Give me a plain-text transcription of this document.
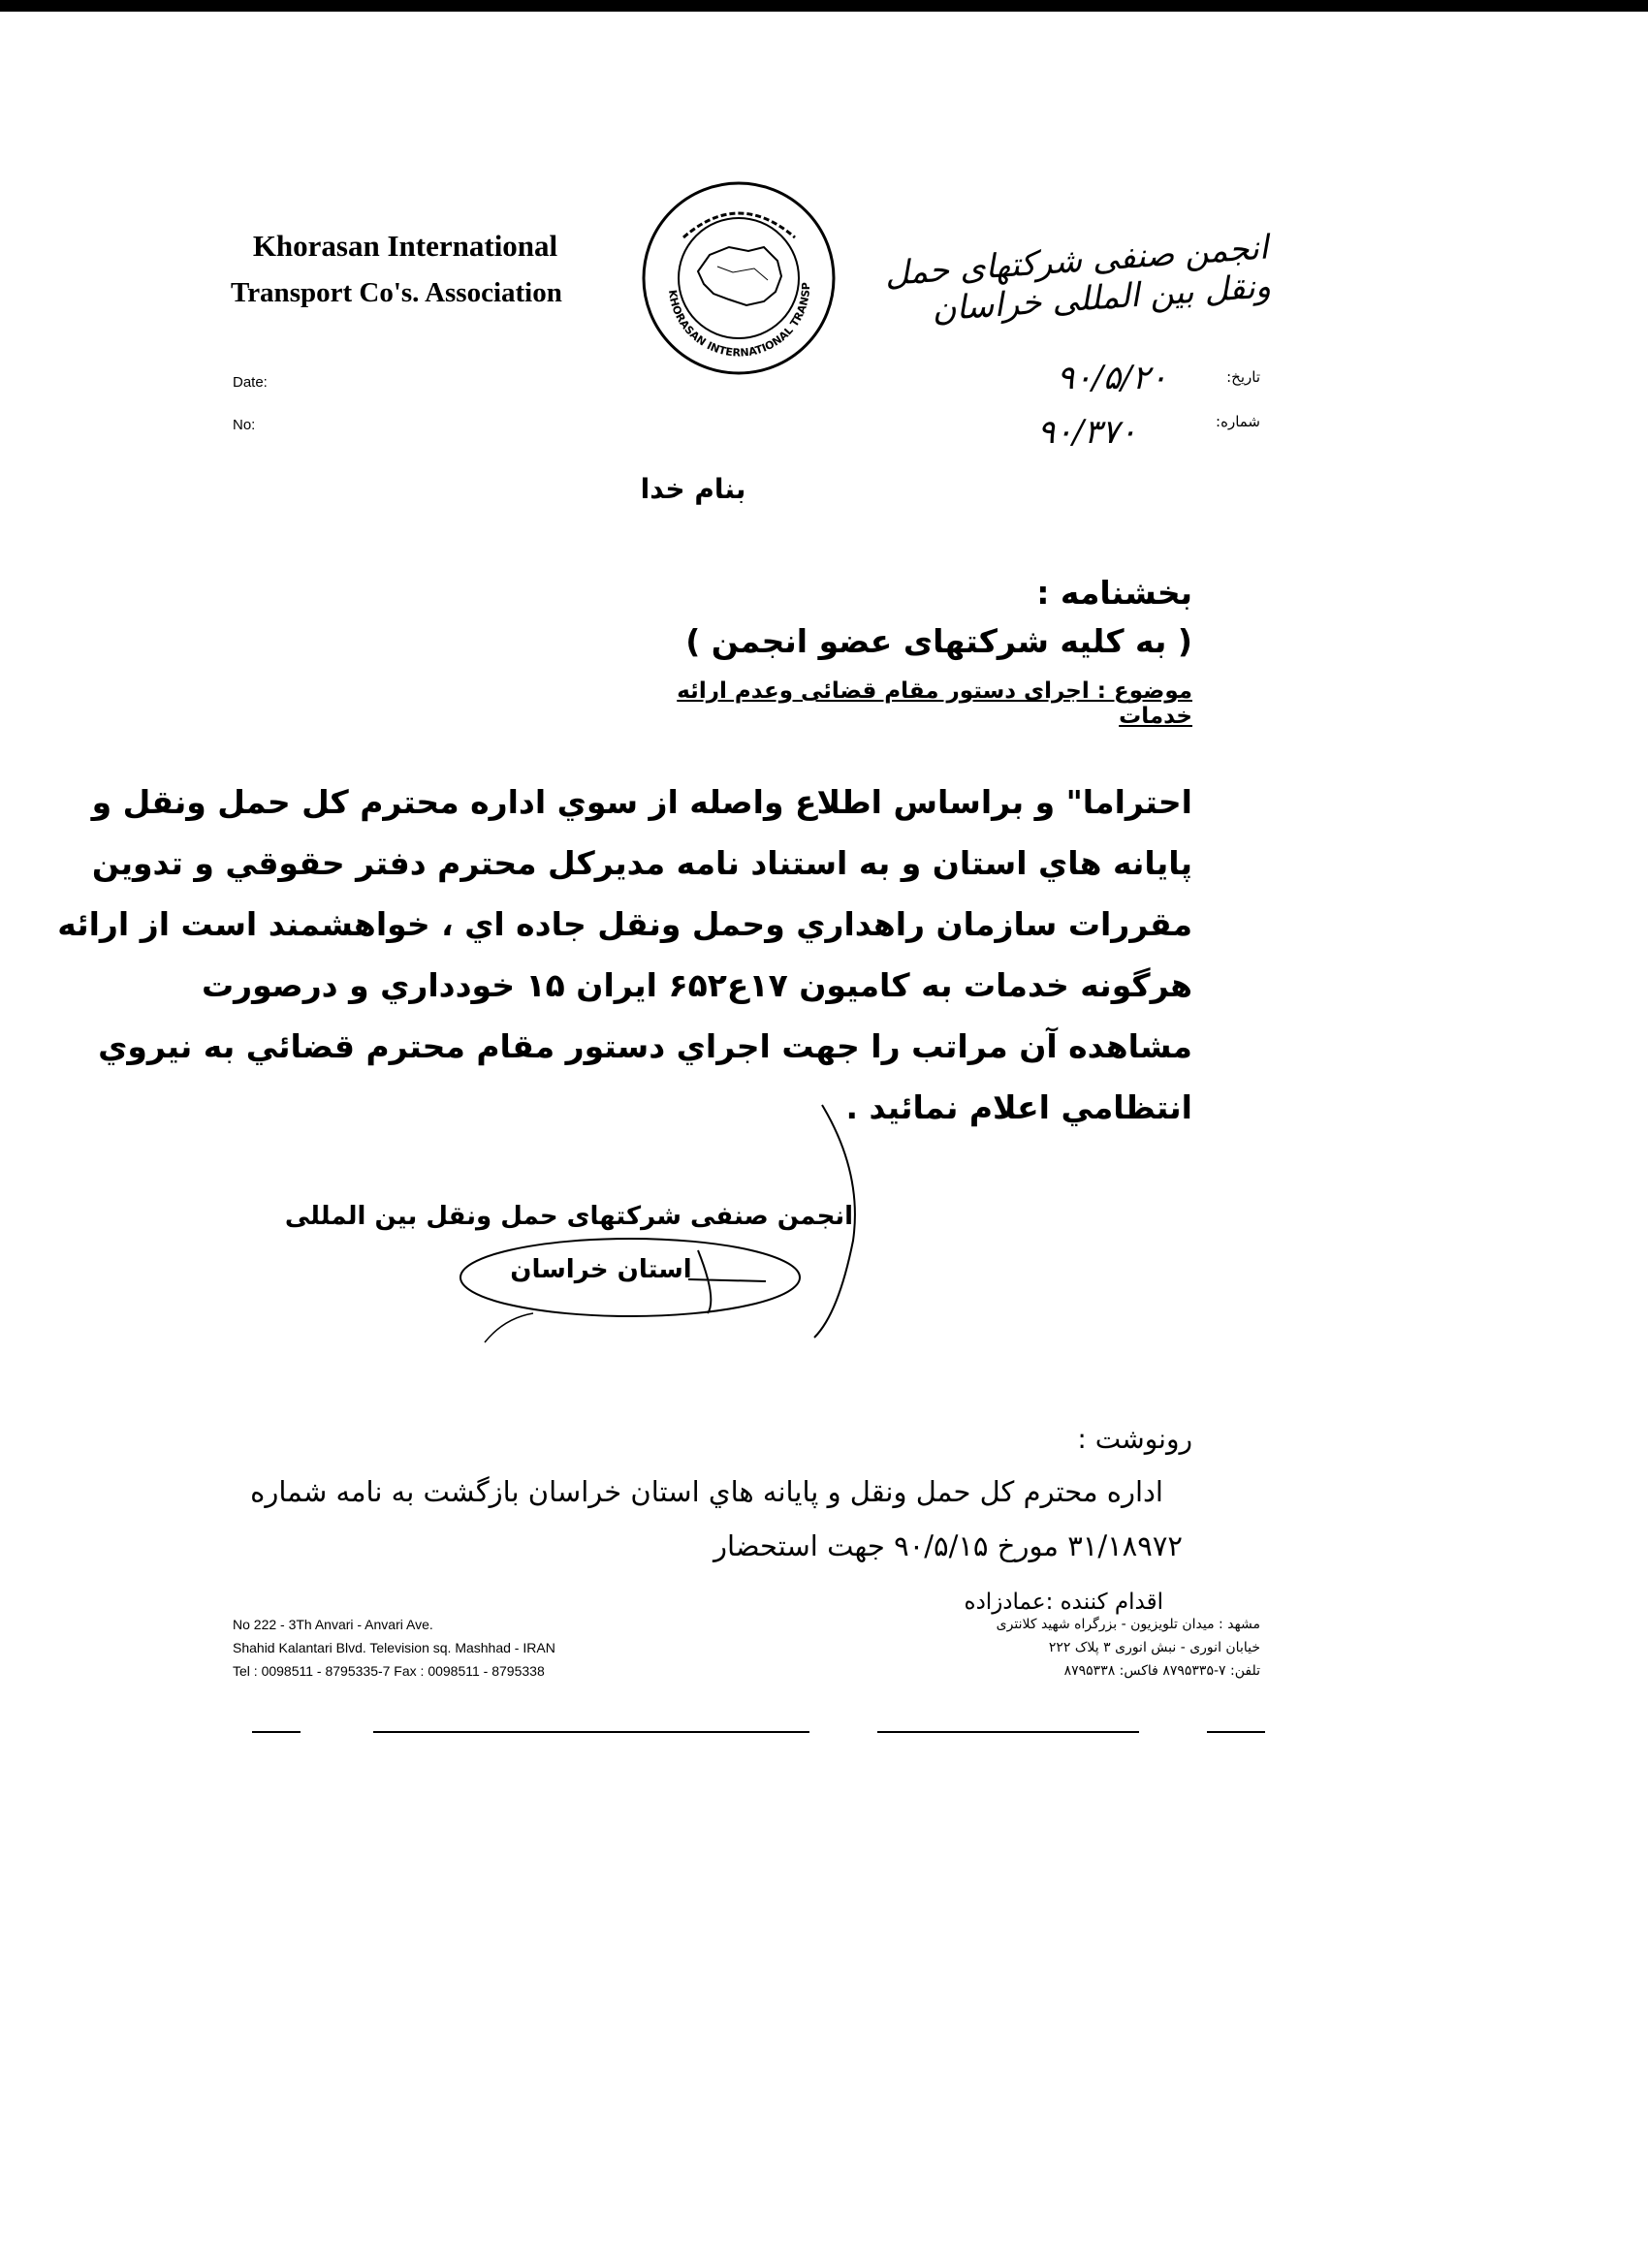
Khorasan International
Transport Co's. Association	KHORASAN INTERNATIONAL TRANSP	انجمن صنفی شرکتهای حمل ونقل بین المللی خراسان
Date:
No:
تاریخ:
شماره:
۹۰/۵/۲۰
۹۰/۳۷۰
بنام خدا
بخشنامه :
( به کلیه شرکتهای عضو انجمن )
موضوع : اجرای دستور مقام قضائی وعدم ارائه خدمات
احتراما" و براساس اطلاع واصله از سوي اداره محترم كل حمل ونقل و
پايانه هاي استان و به استناد نامه مديركل محترم دفتر حقوقي و تدوين
مقررات سازمان راهداري وحمل ونقل جاده اي ، خواهشمند است از ارائه
هرگونه خدمات به كاميون ۱۷ع۶۵۲ ايران ۱۵ خودداري و درصورت
مشاهده آن مراتب را جهت اجراي دستور مقام محترم قضائي به نيروي
انتظامي اعلام نمائيد .
انجمن صنفی شرکتهای حمل ونقل بین المللی
استان خراسان
رونوشت :
اداره محترم کل حمل ونقل و پایانه هاي استان خراسان بازگشت به نامه شماره
۳۱/۱۸۹۷۲ مورخ ۹۰/۵/۱۵ جهت استحضار
اقدام کننده :عمادزاده
No 222 - 3Th Anvari - Anvari Ave.
Shahid Kalantari Blvd. Television sq. Mashhad - IRAN
Tel : 0098511 - 8795335-7 Fax : 0098511 - 8795338
مشهد : میدان تلویزیون - بزرگراه شهید کلانتری
خیابان انوری - نبش انوری ۳ پلاک ۲۲۲
تلفن: ۷-۸۷۹۵۳۳۵ فاکس: ۸۷۹۵۳۳۸
